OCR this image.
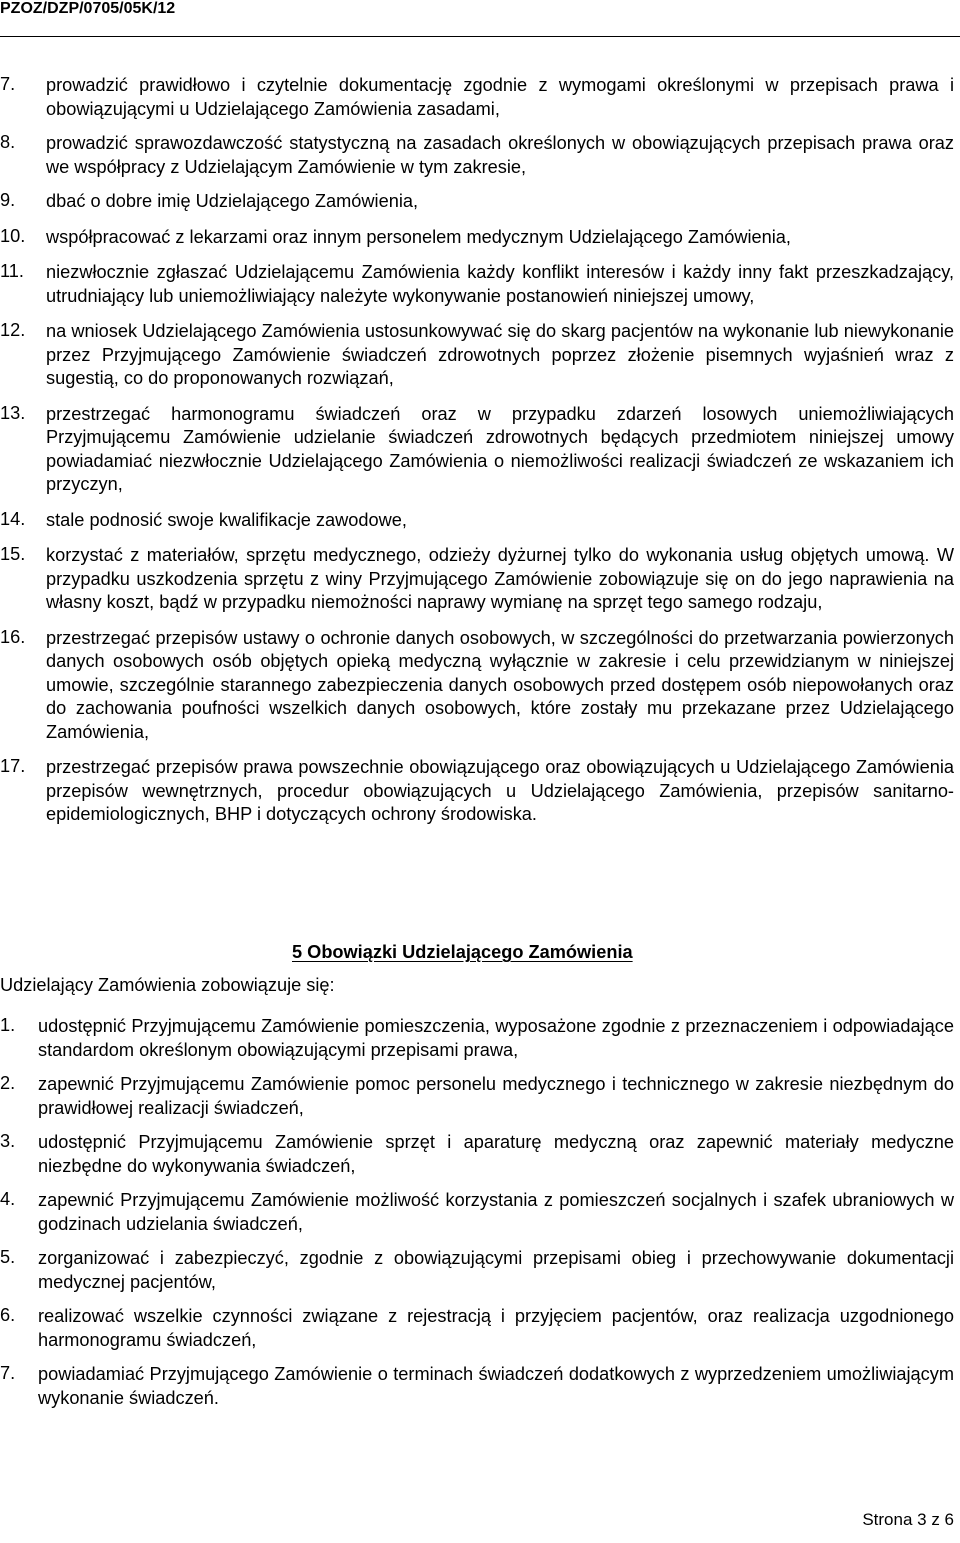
PZOZ/DZP/0705/05K/12
7. prowadzić prawidłowo i czytelnie dokumentację zgodnie z wymogami określonymi w przepisach prawa i obowiązującymi u Udzielającego Zamówienia zasadami,
8. prowadzić sprawozdawczość statystyczną na zasadach określonych w obowiązujących przepisach prawa oraz we współpracy z Udzielającym Zamówienie w tym zakresie,
9. dbać o dobre imię Udzielającego Zamówienia,
10. współpracować z lekarzami oraz innym personelem medycznym Udzielającego Zamówienia,
11. niezwłocznie zgłaszać Udzielającemu Zamówienia każdy konflikt interesów i każdy inny fakt przeszkadzający, utrudniający lub uniemożliwiający należyte wykonywanie postanowień niniejszej umowy,
12. na wniosek Udzielającego Zamówienia ustosunkowywać się do skarg pacjentów na wykonanie lub niewykonanie przez Przyjmującego Zamówienie świadczeń zdrowotnych poprzez złożenie pisemnych wyjaśnień wraz z sugestią, co do proponowanych rozwiązań,
13. przestrzegać harmonogramu świadczeń oraz w przypadku zdarzeń losowych uniemożliwiających Przyjmującemu Zamówienie udzielanie świadczeń zdrowotnych będących przedmiotem niniejszej umowy powiadamiać niezwłocznie Udzielającego Zamówienia o niemożliwości realizacji świadczeń ze wskazaniem ich przyczyn,
14. stale podnosić swoje kwalifikacje zawodowe,
15. korzystać z materiałów, sprzętu medycznego, odzieży dyżurnej tylko do wykonania usług objętych umową. W przypadku uszkodzenia sprzętu z winy Przyjmującego Zamówienie zobowiązuje się on do jego naprawienia na własny koszt, bądź w przypadku niemożności naprawy wymianę na sprzęt tego samego rodzaju,
16. przestrzegać przepisów ustawy o ochronie danych osobowych, w szczególności do przetwarzania powierzonych danych osobowych osób objętych opieką medyczną wyłącznie w zakresie i celu przewidzianym w niniejszej umowie, szczególnie starannego zabezpieczenia danych osobowych przed dostępem osób niepowołanych oraz do zachowania poufności wszelkich danych osobowych, które zostały mu przekazane przez Udzielającego Zamówienia,
17. przestrzegać przepisów prawa powszechnie obowiązującego oraz obowiązujących u Udzielającego Zamówienia przepisów wewnętrznych, procedur obowiązujących u Udzielającego Zamówienia, przepisów sanitarno-epidemiologicznych, BHP i dotyczących ochrony środowiska.
5 Obowiązki Udzielającego Zamówienia
Udzielający Zamówienia zobowiązuje się:
1. udostępnić Przyjmującemu Zamówienie pomieszczenia, wyposażone zgodnie z przeznaczeniem i odpowiadające standardom określonym obowiązującymi przepisami prawa,
2. zapewnić Przyjmującemu Zamówienie pomoc personelu medycznego i technicznego w zakresie niezbędnym do prawidłowej realizacji świadczeń,
3. udostępnić Przyjmującemu Zamówienie sprzęt i aparaturę medyczną oraz zapewnić materiały medyczne niezbędne do wykonywania świadczeń,
4. zapewnić Przyjmującemu Zamówienie możliwość korzystania z pomieszczeń socjalnych i szafek ubraniowych w godzinach udzielania świadczeń,
5. zorganizować i zabezpieczyć, zgodnie z obowiązującymi przepisami obieg i przechowywanie dokumentacji medycznej pacjentów,
6. realizować wszelkie czynności związane z rejestracją i przyjęciem pacjentów, oraz realizacja uzgodnionego harmonogramu świadczeń,
7. powiadamiać Przyjmującego Zamówienie o terminach świadczeń dodatkowych z wyprzedzeniem umożliwiającym wykonanie świadczeń.
Strona 3 z 6
